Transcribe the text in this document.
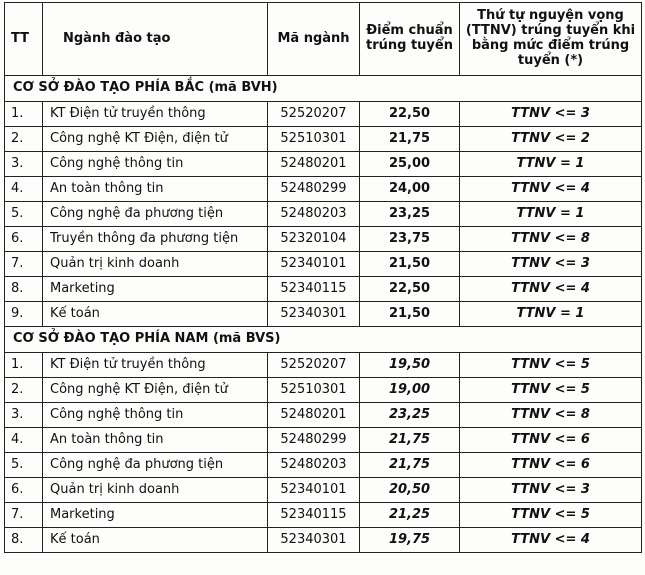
TT	Ngành đào tạo	Mã ngành	Điểm chuẩn trúng tuyển	Thứ tự nguyện vọng (TTNV) trúng tuyển khi bằng mức điểm trúng tuyển (*)
CƠ SỞ ĐÀO TẠO PHÍA BẮC (mã BVH)				
1.	KT Điện tử truyền thông	52520207	22,50	TTNV <= 3
2.	Công nghệ KT Điện, điện tử	52510301	21,75	TTNV <= 2
3.	Công nghệ thông tin	52480201	25,00	TTNV = 1
4.	An toàn thông tin	52480299	24,00	TTNV <= 4
5.	Công nghệ đa phương tiện	52480203	23,25	TTNV = 1
6.	Truyền thông đa phương tiện	52320104	23,75	TTNV <= 8
7.	Quản trị kinh doanh	52340101	21,50	TTNV <= 3
8.	Marketing	52340115	22,50	TTNV <= 4
9.	Kế toán	52340301	21,50	TTNV = 1
CƠ SỞ ĐÀO TẠO PHÍA NAM (mã BVS)				
1.	KT Điện tử truyền thông	52520207	19,50	TTNV <= 5
2.	Công nghệ KT Điện, điện tử	52510301	19,00	TTNV <= 5
3.	Công nghệ thông tin	52480201	23,25	TTNV <= 8
4.	An toàn thông tin	52480299	21,75	TTNV <= 6
5.	Công nghệ đa phương tiện	52480203	21,75	TTNV <= 6
6.	Quản trị kinh doanh	52340101	20,50	TTNV <= 3
7.	Marketing	52340115	21,25	TTNV <= 5
8.	Kế toán	52340301	19,75	TTNV <= 4
